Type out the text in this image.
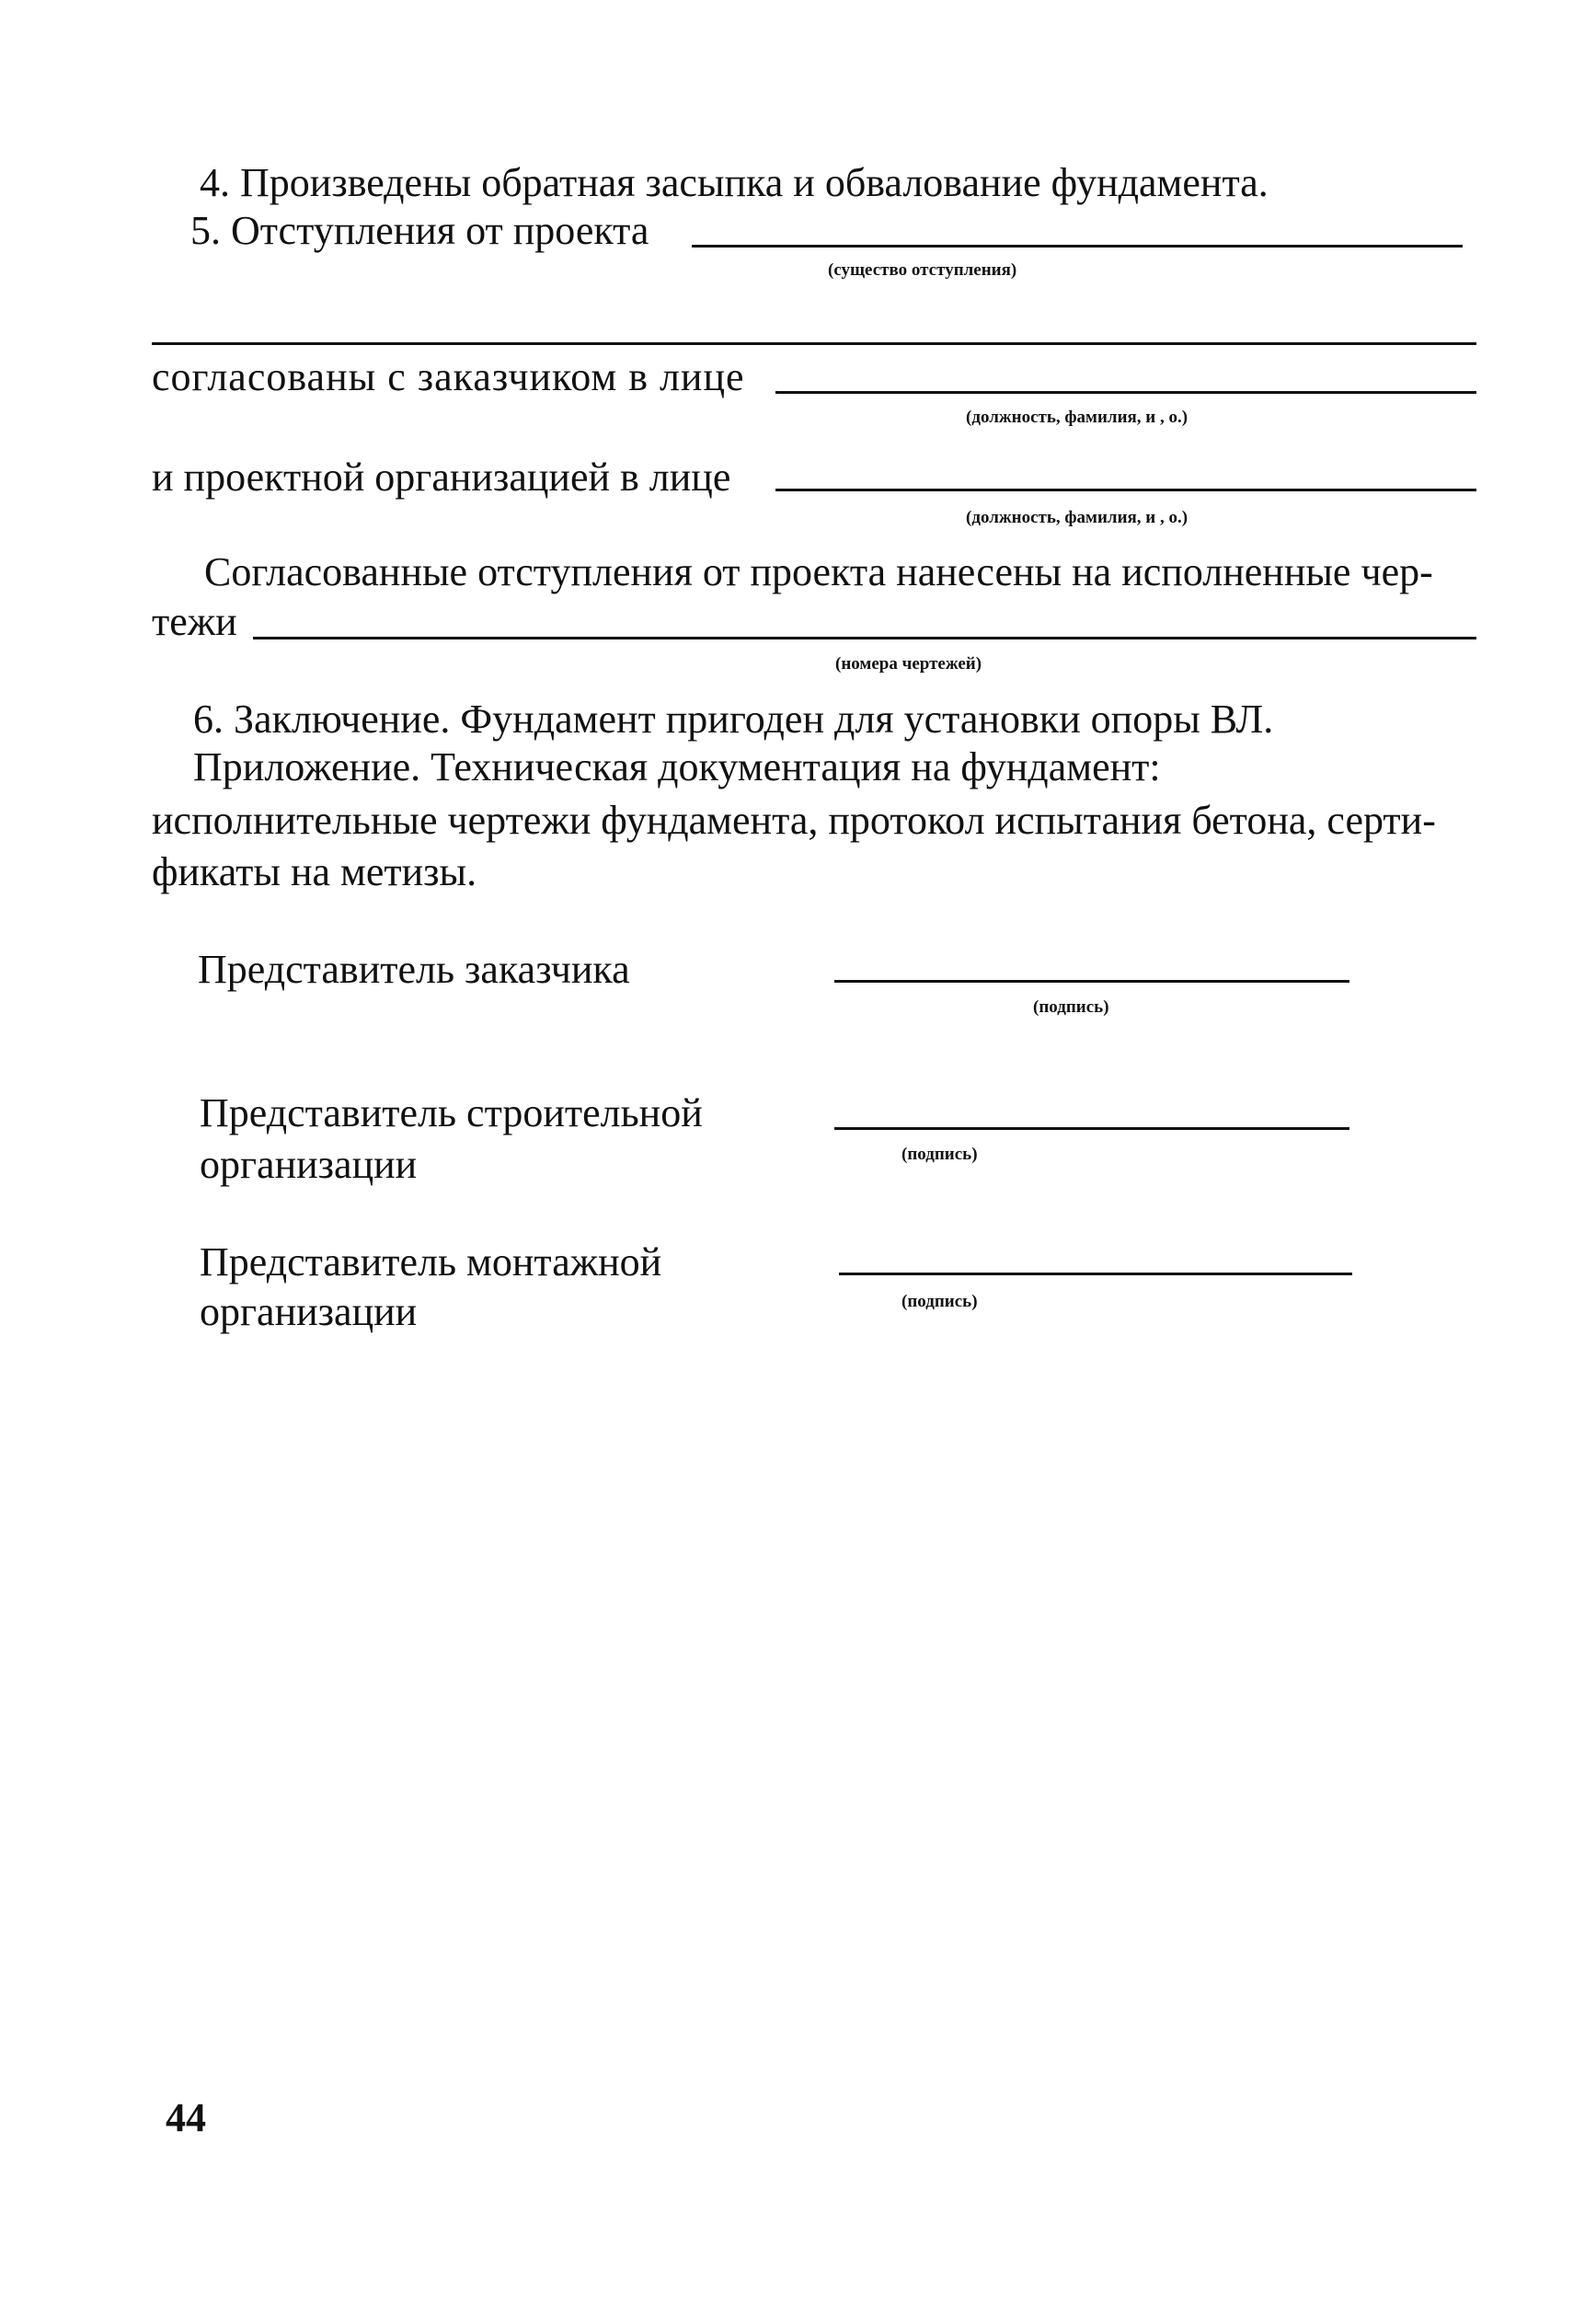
4. Произведены обратная засыпка и обвалование фундамента.
5. Отступления от проекта
(существо отступления)
согласованы с заказчиком в лице
(должность, фамилия, и , о.)
и проектной организацией в лице
(должность, фамилия, и , о.)
Согласованные отступления от проекта нанесены на исполненные чер-
тежи
(номера чертежей)
6. Заключение. Фундамент пригоден для установки опоры ВЛ.
Приложение. Техническая документация на фундамент:
исполнительные чертежи фундамента, протокол испытания бетона, серти-
фикаты на метизы.
Представитель заказчика
(подпись)
Представитель строительной
организации	(подпись)
Представитель монтажной
организации	(подпись)
44
